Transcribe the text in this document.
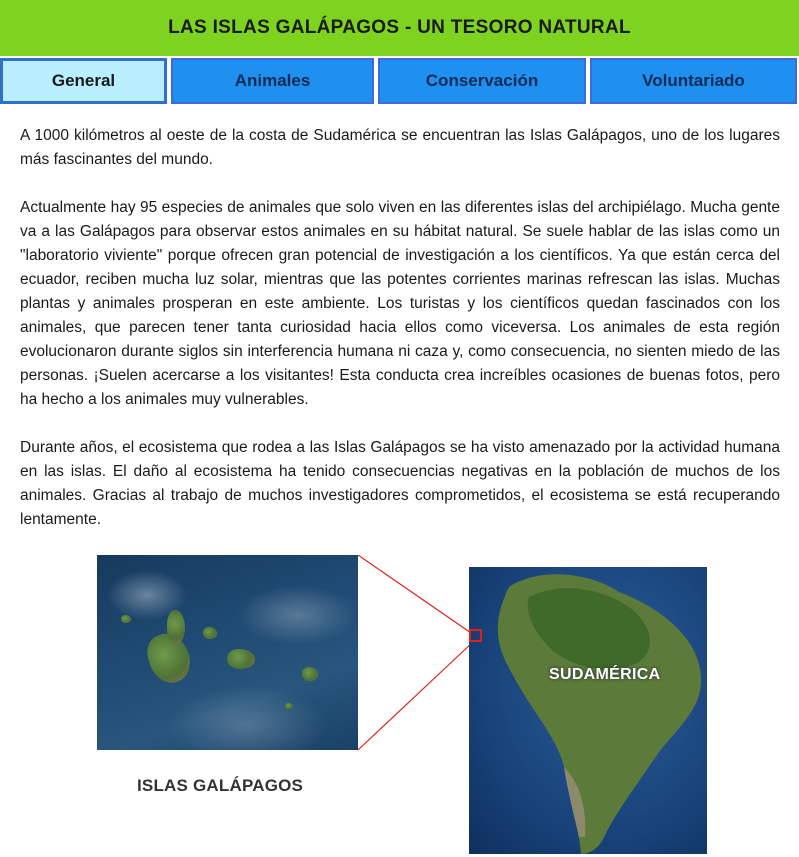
LAS ISLAS GALÁPAGOS - UN TESORO NATURAL
General	Animales	Conservación	Voluntariado

A 1000 kilómetros al oeste de la costa de Sudamérica se encuentran las Islas Galápagos, uno de los lugares más fascinantes del mundo.

Actualmente hay 95 especies de animales que solo viven en las diferentes islas del archipiélago. Mucha gente va a las Galápagos para observar estos animales en su hábitat natural. Se suele hablar de las islas como un "laboratorio viviente" porque ofrecen gran potencial de investigación a los científicos. Ya que están cerca del ecuador, reciben mucha luz solar, mientras que las potentes corrientes marinas refrescan las islas. Muchas plantas y animales prosperan en este ambiente. Los turistas y los científicos quedan fascinados con los animales, que parecen tener tanta curiosidad hacia ellos como viceversa. Los animales de esta región evolucionaron durante siglos sin interferencia humana ni caza y, como consecuencia, no sienten miedo de las personas. ¡Suelen acercarse a los visitantes! Esta conducta crea increíbles ocasiones de buenas fotos, pero ha hecho a los animales muy vulnerables.

Durante años, el ecosistema que rodea a las Islas Galápagos se ha visto amenazado por la actividad humana en las islas. El daño al ecosistema ha tenido consecuencias negativas en la población de muchos de los animales. Gracias al trabajo de muchos investigadores comprometidos, el ecosistema se está recuperando lentamente.

ISLAS GALÁPAGOS
SUDAMÉRICA
